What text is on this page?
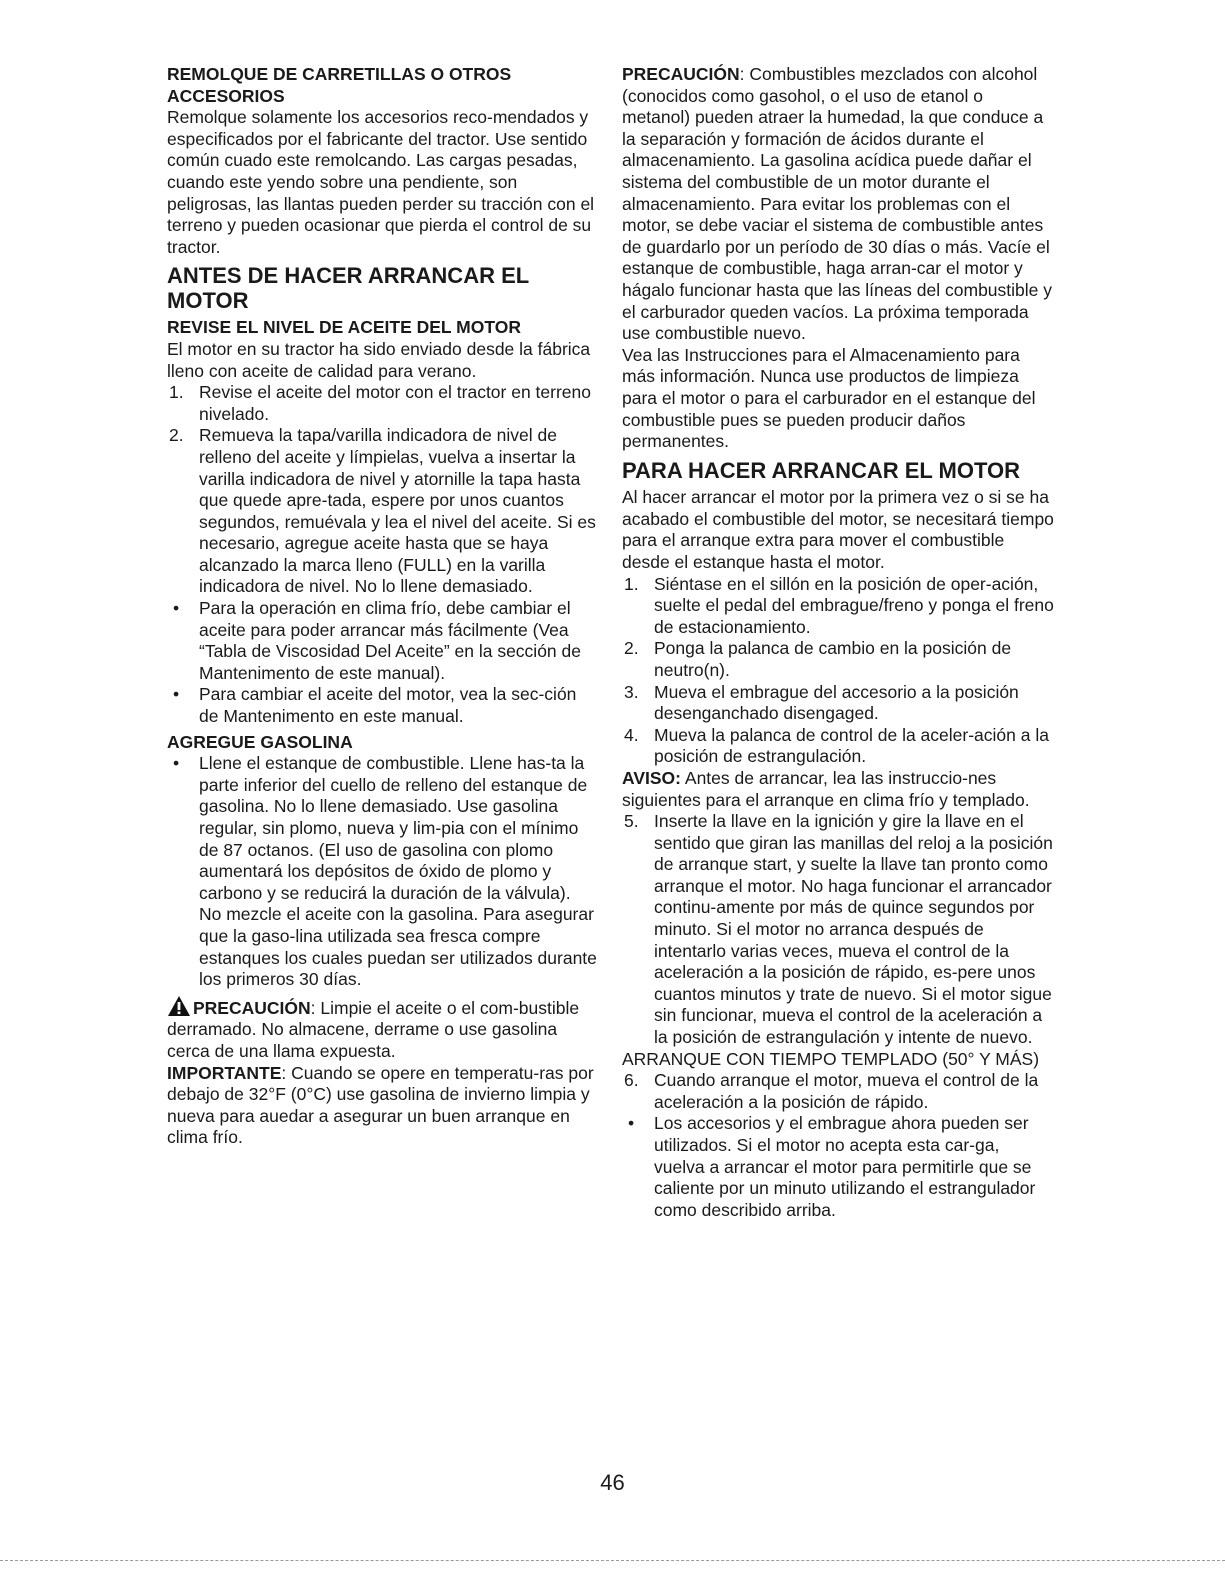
REMOLQUE DE CARRETILLAS O OTROS ACCESORIOS

Remolque solamente los accesorios reco-mendados y especificados por el fabricante del tractor. Use sentido común cuado este remolcando. Las cargas pesadas, cuando este yendo sobre una pendiente, son peligrosas, las llantas pueden perder su tracción con el terreno y pueden ocasionar que pierda el control de su tractor.

ANTES DE HACER ARRANCAR EL MOTOR

REVISE EL NIVEL DE ACEITE DEL MOTOR

El motor en su tractor ha sido enviado desde la fábrica lleno con aceite de calidad para verano.

1. Revise el aceite del motor con el tractor en terreno nivelado.
2. Remueva la tapa/varilla indicadora de nivel de relleno del aceite y límpielas, vuelva a insertar la varilla indicadora de nivel y atornille la tapa hasta que quede apre-tada, espere por unos cuantos segundos, remuévala y lea el nivel del aceite. Si es necesario, agregue aceite hasta que se haya alcanzado la marca lleno (FULL) en la varilla indicadora de nivel. No lo llene demasiado.
•	Para la operación en clima frío, debe cambiar el aceite para poder arrancar más fácilmente (Vea “Tabla de Viscosidad Del Aceite” en la sección de Mantenimento de este manual).
•	Para cambiar el aceite del motor, vea la sec-ción de Mantenimento en este manual.

AGREGUE GASOLINA

•	Llene el estanque de combustible. Llene has-ta la parte inferior del cuello de relleno del estanque de gasolina. No lo llene demasiado. Use gasolina regular, sin plomo, nueva y lim-pia con el mínimo de 87 octanos. (El uso de gasolina con plomo aumentará los depósitos de óxido de plomo y carbono y se reducirá la duración de la válvula). No mezcle el aceite con la gasolina. Para asegurar que la gaso-lina utilizada sea fresca compre estanques los cuales puedan ser utilizados durante los primeros 30 días.

PRECAUCIÓN: Limpie el aceite o el com-bustible derramado. No almacene, derrame o use gasolina cerca de una llama expuesta.

IMPORTANTE: Cuando se opere en temperatu-ras por debajo de 32°F (0°C) use gasolina de invierno limpia y nueva para auedar a asegurar un buen arranque en clima frío.

PRECAUCIÓN: Combustibles mezclados con alcohol (conocidos como gasohol, o el uso de etanol o metanol) pueden atraer la humedad, la que conduce a la separación y formación de ácidos durante el almacenamiento. La gasolina acídica puede dañar el sistema del combustible de un motor durante el almacenamiento. Para evitar los problemas con el motor, se debe vaciar el sistema de combustible antes de guardarlo por un período de 30 días o más. Vacíe el estanque de combustible, haga arran-car el motor y hágalo funcionar hasta que las líneas del combustible y el carburador queden vacíos. La próxima temporada use combustible nuevo.

Vea las Instrucciones para el Almacenamiento para más información. Nunca use productos de limpieza para el motor o para el carburador en el estanque del combustible pues se pueden producir daños permanentes.

PARA HACER ARRANCAR EL MOTOR

Al hacer arrancar el motor por la primera vez o si se ha acabado el combustible del motor, se necesitará tiempo para el arranque extra para mover el combustible desde el estanque hasta el motor.

1. Siéntase en el sillón en la posición de oper-ación, suelte el pedal del embrague/freno y ponga el freno de estacionamiento.
2. Ponga la palanca de cambio en la posición de neutro(n).
3. Mueva el embrague del accesorio a la posición desenganchado disengaged.
4. Mueva la palanca de control de la aceler-ación a la posición de estrangulación.

AVISO: Antes de arrancar, lea las instruccio-nes siguientes para el arranque en clima frío y templado.

5. Inserte la llave en la ignición y gire la llave en el sentido que giran las manillas del reloj a la posición de arranque start, y suelte la llave tan pronto como arranque el motor. No haga funcionar el arrancador continu-amente por más de quince segundos por minuto. Si el motor no arranca después de intentarlo varias veces, mueva el control de la aceleración a la posición de rápido, es-pere unos cuantos minutos y trate de nuevo. Si el motor sigue sin funcionar, mueva el control de la aceleración a la posición de estrangulación y intente de nuevo.

ARRANQUE CON TIEMPO TEMPLADO (50° Y MÁS)

6. Cuando arranque el motor, mueva el control de la aceleración a la posición de rápido.
•	Los accesorios y el embrague ahora pueden ser utilizados. Si el motor no acepta esta car-ga, vuelva a arrancar el motor para permitirle que se caliente por un minuto utilizando el estrangulador como describido arriba.
46
